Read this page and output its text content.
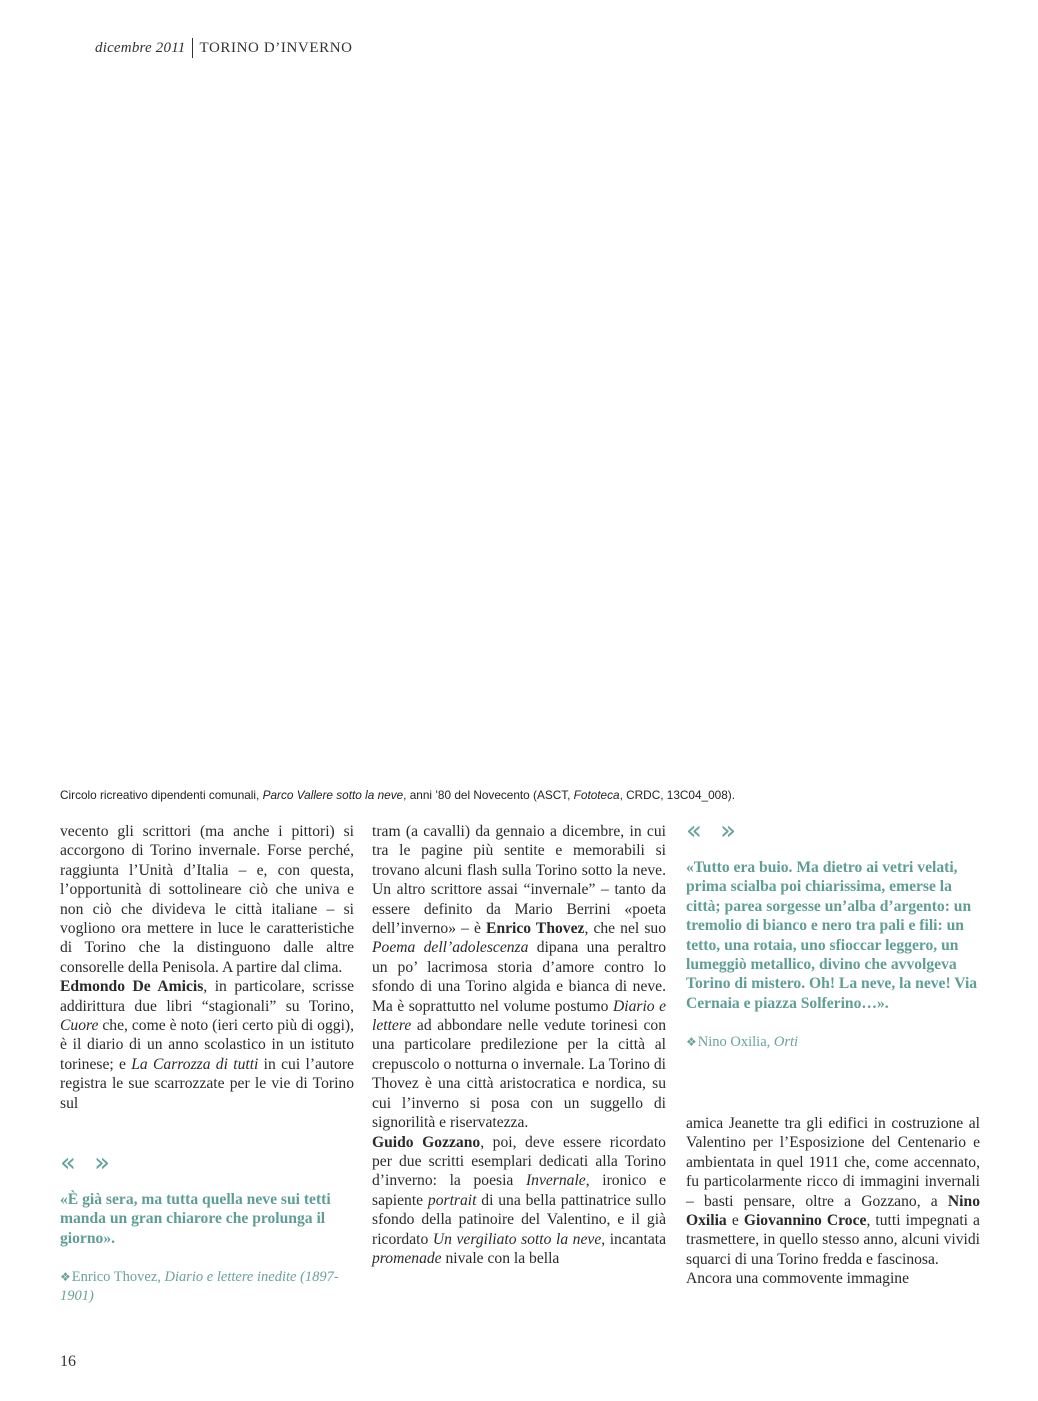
dicembre 2011 TORINO D’INVERNO
Circolo ricreativo dipendenti comunali, Parco Vallere sotto la neve, anni ’80 del Novecento (ASCT, Fototeca, CRDC, 13C04_008).

vecento gli scrittori (ma anche i pittori) si accorgono di Torino invernale. Forse perché, raggiunta l’Unità d’Italia – e, con questa, l’opportunità di sottolineare ciò che univa e non ciò che divideva le città italiane – si vogliono ora mettere in luce le caratteristiche di Torino che la distinguono dalle altre consorelle della Penisola. A partire dal clima.

Edmondo De Amicis, in particolare, scrisse addirittura due libri “stagionali” su Torino, Cuore che, come è noto (ieri certo più di oggi), è il diario di un anno scolastico in un istituto torinese; e La Carrozza di tutti in cui l’autore registra le sue scarrozzate per le vie di Torino sul

« »

«È già sera, ma tutta quella neve sui tetti manda un gran chiarore che prolunga il giorno».

❖Enrico Thovez, Diario e lettere inedite (1897-1901)

tram (a cavalli) da gennaio a dicembre, in cui tra le pagine più sentite e memorabili si trovano alcuni flash sulla Torino sotto la neve. Un altro scrittore assai “invernale” – tanto da essere definito da Mario Berrini «poeta dell’inverno» – è Enrico Thovez, che nel suo Poema dell’adolescenza dipana una peraltro un po’ lacrimosa storia d’amore contro lo sfondo di una Torino algida e bianca di neve. Ma è soprattutto nel volume postumo Diario e lettere ad abbondare nelle vedute torinesi con una particolare predilezione per la città al crepuscolo o notturna o invernale. La Torino di Thovez è una città aristocratica e nordica, su cui l’inverno si posa con un suggello di signorilità e riservatezza.

Guido Gozzano, poi, deve essere ricordato per due scritti esemplari dedicati alla Torino d’inverno: la poesia Invernale, ironico e sapiente portrait di una bella pattinatrice sullo sfondo della patinoire del Valentino, e il già ricordato Un vergiliato sotto la neve, incantata promenade nivale con la bella

« »

«Tutto era buio. Ma dietro ai vetri velati, prima scialba poi chiarissima, emerse la città; parea sorgesse un’alba d’argento: un tremolio di bianco e nero tra pali e fili: un tetto, una rotaia, uno sfioccar leggero, un lumeggiò metallico, divino che avvolgeva Torino di mistero. Oh! La neve, la neve! Via Cernaia e piazza Solferino…».

❖Nino Oxilia, Orti

amica Jeanette tra gli edifici in costruzione al Valentino per l’Esposizione del Centenario e ambientata in quel 1911 che, come accennato, fu particolarmente ricco di immagini invernali – basti pensare, oltre a Gozzano, a Nino Oxilia e Giovannino Croce, tutti impegnati a trasmettere, in quello stesso anno, alcuni vividi squarci di una Torino fredda e fascinosa.

Ancora una commovente immagine

16
